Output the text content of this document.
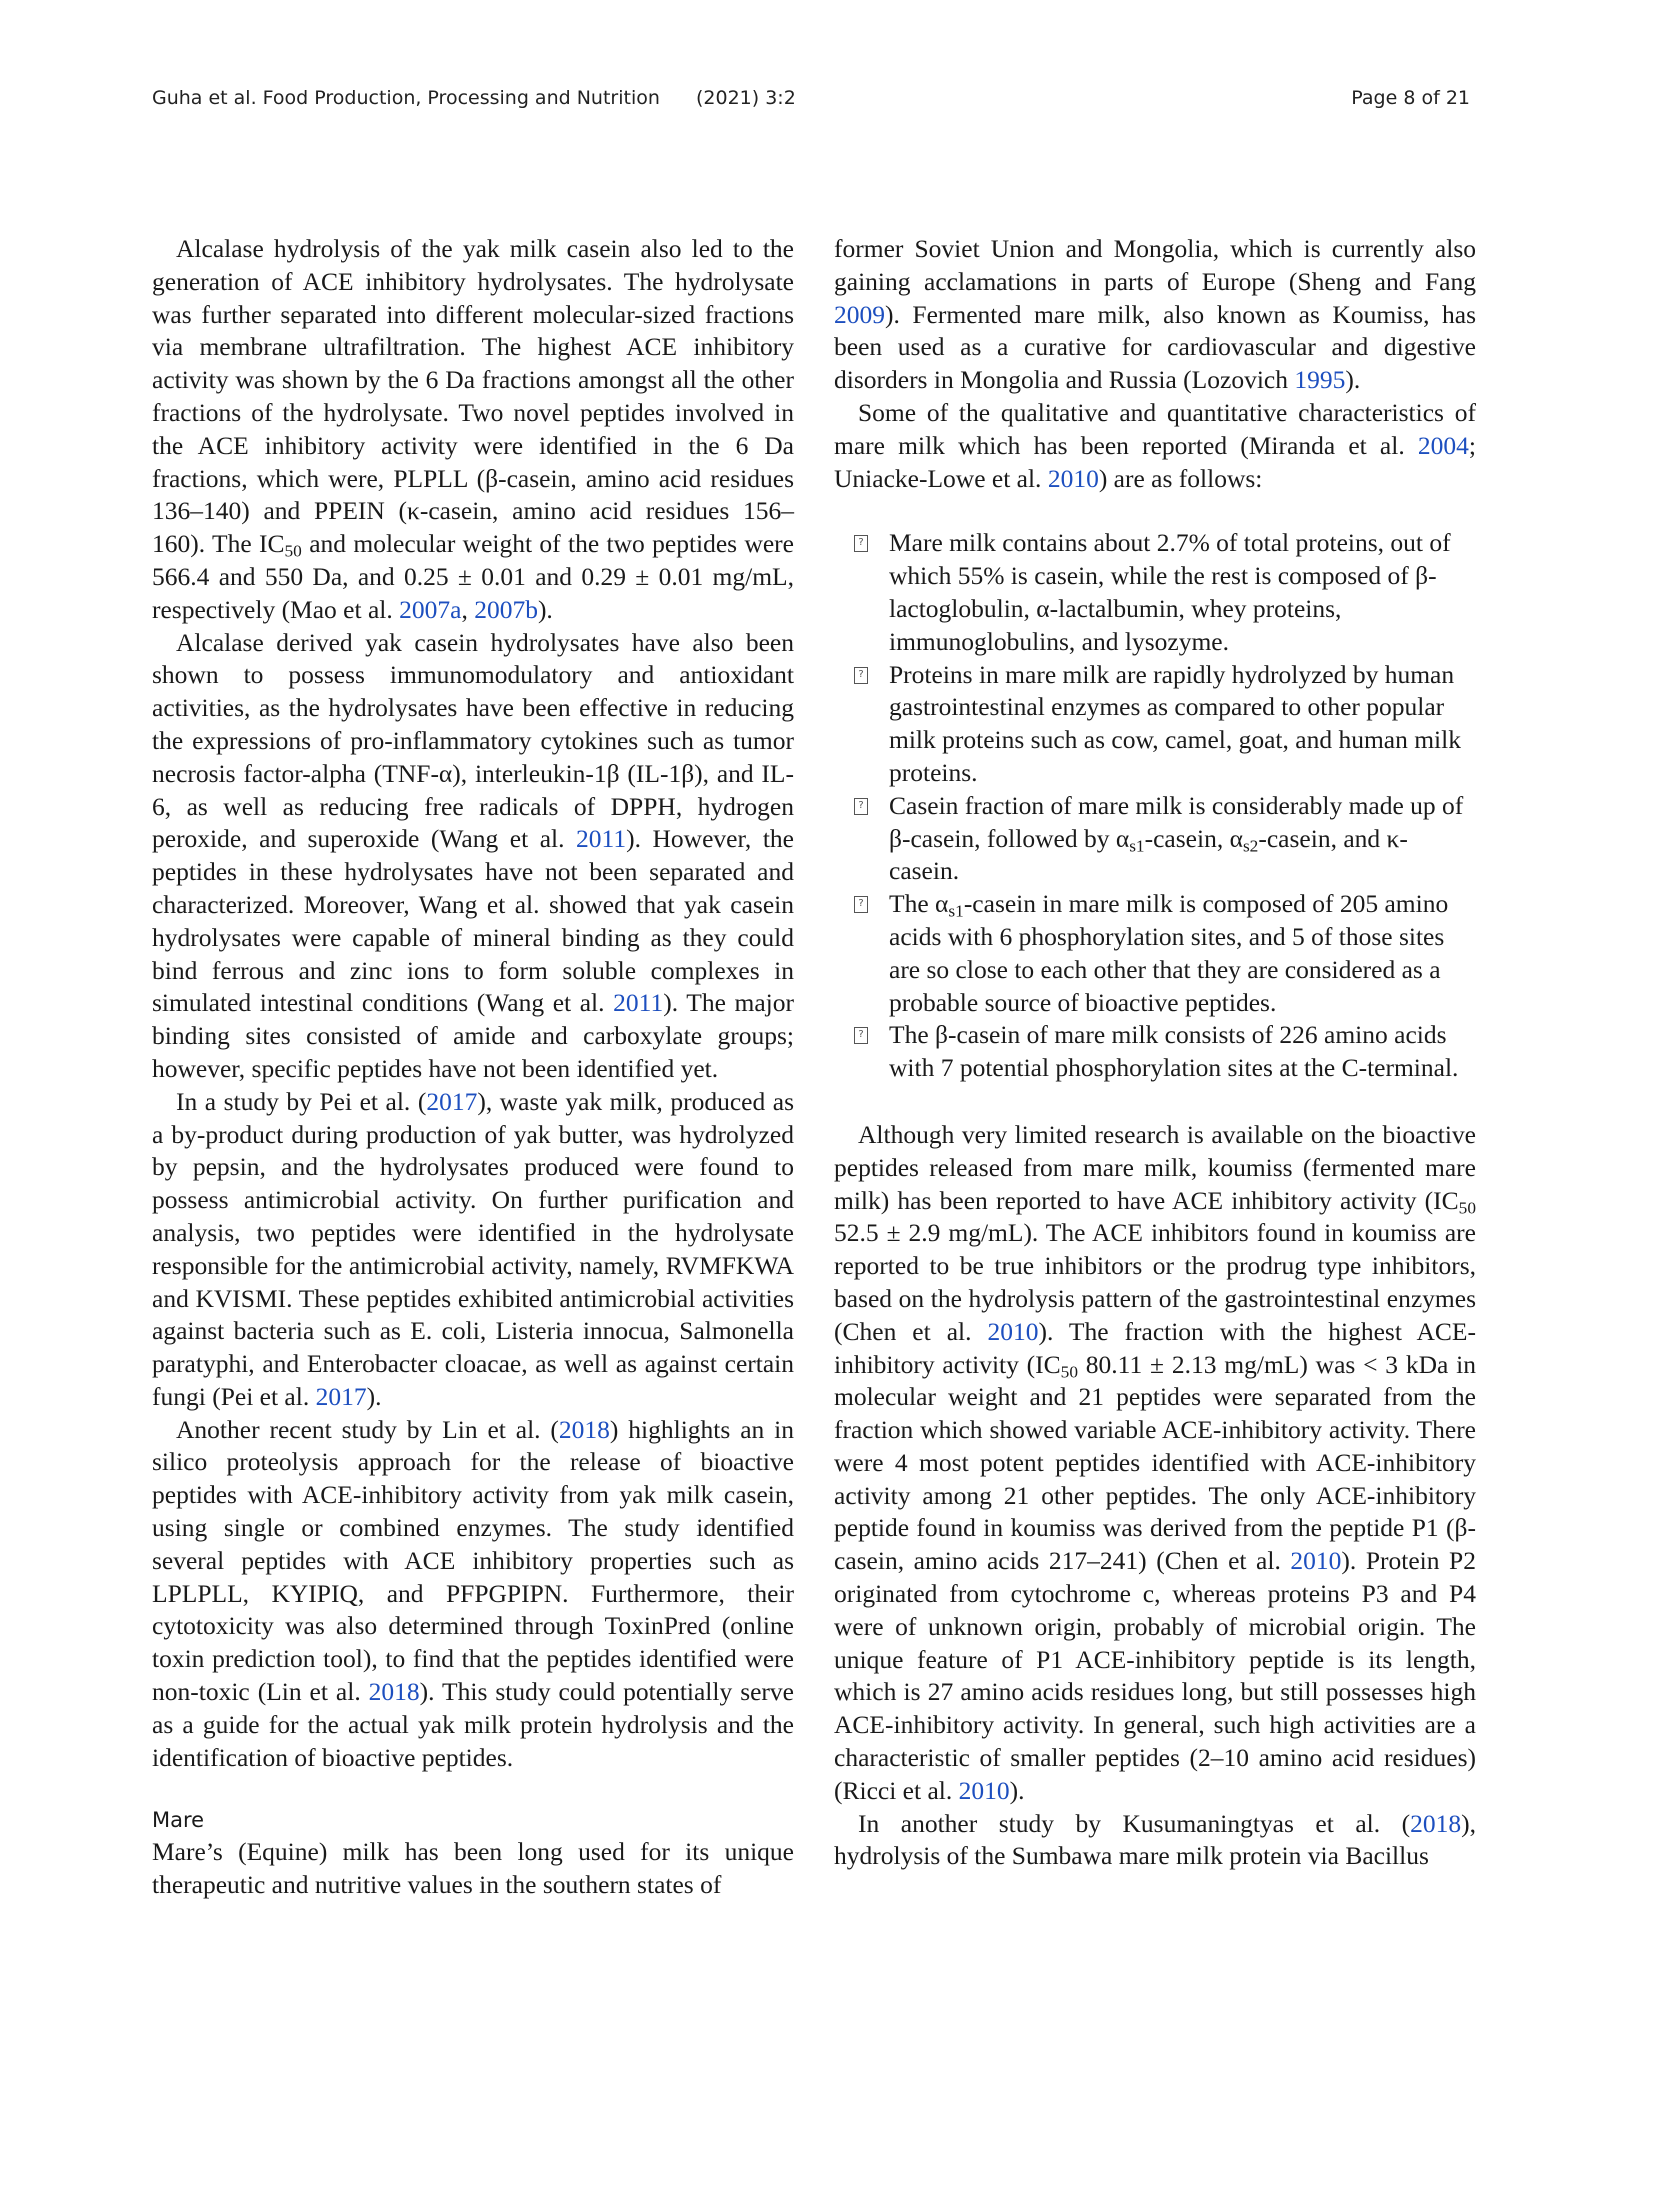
Guha et al. Food Production, Processing and Nutrition (2021) 3:2	Page 8 of 21

Alcalase hydrolysis of the yak milk casein also led to the generation of ACE inhibitory hydrolysates. The hydrolysate was further separated into different molecular-sized fractions via membrane ultrafiltration. The highest ACE inhibitory activity was shown by the 6 Da fractions amongst all the other fractions of the hydrolysate. Two novel peptides involved in the ACE inhibitory activity were identified in the 6 Da fractions, which were, PLPLL (β-casein, amino acid residues 136–140) and PPEIN (κ-casein, amino acid residues 156–160). The $IC_{50}$ and molecular weight of the two peptides were 566.4 and 550 Da, and 0.25 ± 0.01 and 0.29 ± 0.01 mg/mL, respectively (Mao et al. 2007a, 2007b).

Alcalase derived yak casein hydrolysates have also been shown to possess immunomodulatory and antioxidant activities, as the hydrolysates have been effective in reducing the expressions of pro-inflammatory cytokines such as tumor necrosis factor-alpha (TNF-α), interleukin-1β (IL-1β), and IL-6, as well as reducing free radicals of DPPH, hydrogen peroxide, and superoxide (Wang et al. 2011). However, the peptides in these hydrolysates have not been separated and characterized. Moreover, Wang et al. showed that yak casein hydrolysates were capable of mineral binding as they could bind ferrous and zinc ions to form soluble complexes in simulated intestinal conditions (Wang et al. 2011). The major binding sites consisted of amide and carboxylate groups; however, specific peptides have not been identified yet.

In a study by Pei et al. (2017), waste yak milk, produced as a by-product during production of yak butter, was hydrolyzed by pepsin, and the hydrolysates produced were found to possess antimicrobial activity. On further purification and analysis, two peptides were identified in the hydrolysate responsible for the antimicrobial activity, namely, RVMFKWA and KVISMI. These peptides exhibited antimicrobial activities against bacteria such as E. coli, Listeria innocua, Salmonella paratyphi, and Enterobacter cloacae, as well as against certain fungi (Pei et al. 2017).

Another recent study by Lin et al. (2018) highlights an in silico proteolysis approach for the release of bioactive peptides with ACE-inhibitory activity from yak milk casein, using single or combined enzymes. The study identified several peptides with ACE inhibitory properties such as LPLPLL, KYIPIQ, and PFPGPIPN. Furthermore, their cytotoxicity was also determined through ToxinPred (online toxin prediction tool), to find that the peptides identified were non-toxic (Lin et al. 2018). This study could potentially serve as a guide for the actual yak milk protein hydrolysis and the identification of bioactive peptides.

Mare

Mare’s (Equine) milk has been long used for its unique therapeutic and nutritive values in the southern states of

former Soviet Union and Mongolia, which is currently also gaining acclamations in parts of Europe (Sheng and Fang 2009). Fermented mare milk, also known as Koumiss, has been used as a curative for cardiovascular and digestive disorders in Mongolia and Russia (Lozovich 1995).

Some of the qualitative and quantitative characteristics of mare milk which has been reported (Miranda et al. 2004; Uniacke-Lowe et al. 2010) are as follows:

? Mare milk contains about 2.7% of total proteins, out of which 55% is casein, while the rest is composed of β-lactoglobulin, α-lactalbumin, whey proteins, immunoglobulins, and lysozyme.
? Proteins in mare milk are rapidly hydrolyzed by human gastrointestinal enzymes as compared to other popular milk proteins such as cow, camel, goat, and human milk proteins.
? Casein fraction of mare milk is considerably made up of β-casein, followed by $\alpha_{s1}$-casein, $\alpha_{s2}$-casein, and κ-casein.
? The $\alpha_{s1}$-casein in mare milk is composed of 205 amino acids with 6 phosphorylation sites, and 5 of those sites are so close to each other that they are considered as a probable source of bioactive peptides.
? The β-casein of mare milk consists of 226 amino acids with 7 potential phosphorylation sites at the C-terminal.

Although very limited research is available on the bioactive peptides released from mare milk, koumiss (fermented mare milk) has been reported to have ACE inhibitory activity ($IC_{50}$ 52.5 ± 2.9 mg/mL). The ACE inhibitors found in koumiss are reported to be true inhibitors or the prodrug type inhibitors, based on the hydrolysis pattern of the gastrointestinal enzymes (Chen et al. 2010). The fraction with the highest ACE-inhibitory activity ($IC_{50}$ 80.11 ± 2.13 mg/mL) was < 3 kDa in molecular weight and 21 peptides were separated from the fraction which showed variable ACE-inhibitory activity. There were 4 most potent peptides identified with ACE-inhibitory activity among 21 other peptides. The only ACE-inhibitory peptide found in koumiss was derived from the peptide P1 (β-casein, amino acids 217–241) (Chen et al. 2010). Protein P2 originated from cytochrome c, whereas proteins P3 and P4 were of unknown origin, probably of microbial origin. The unique feature of P1 ACE-inhibitory peptide is its length, which is 27 amino acids residues long, but still possesses high ACE-inhibitory activity. In general, such high activities are a characteristic of smaller peptides (2–10 amino acid residues) (Ricci et al. 2010).

In another study by Kusumaningtyas et al. (2018), hydrolysis of the Sumbawa mare milk protein via Bacillus
